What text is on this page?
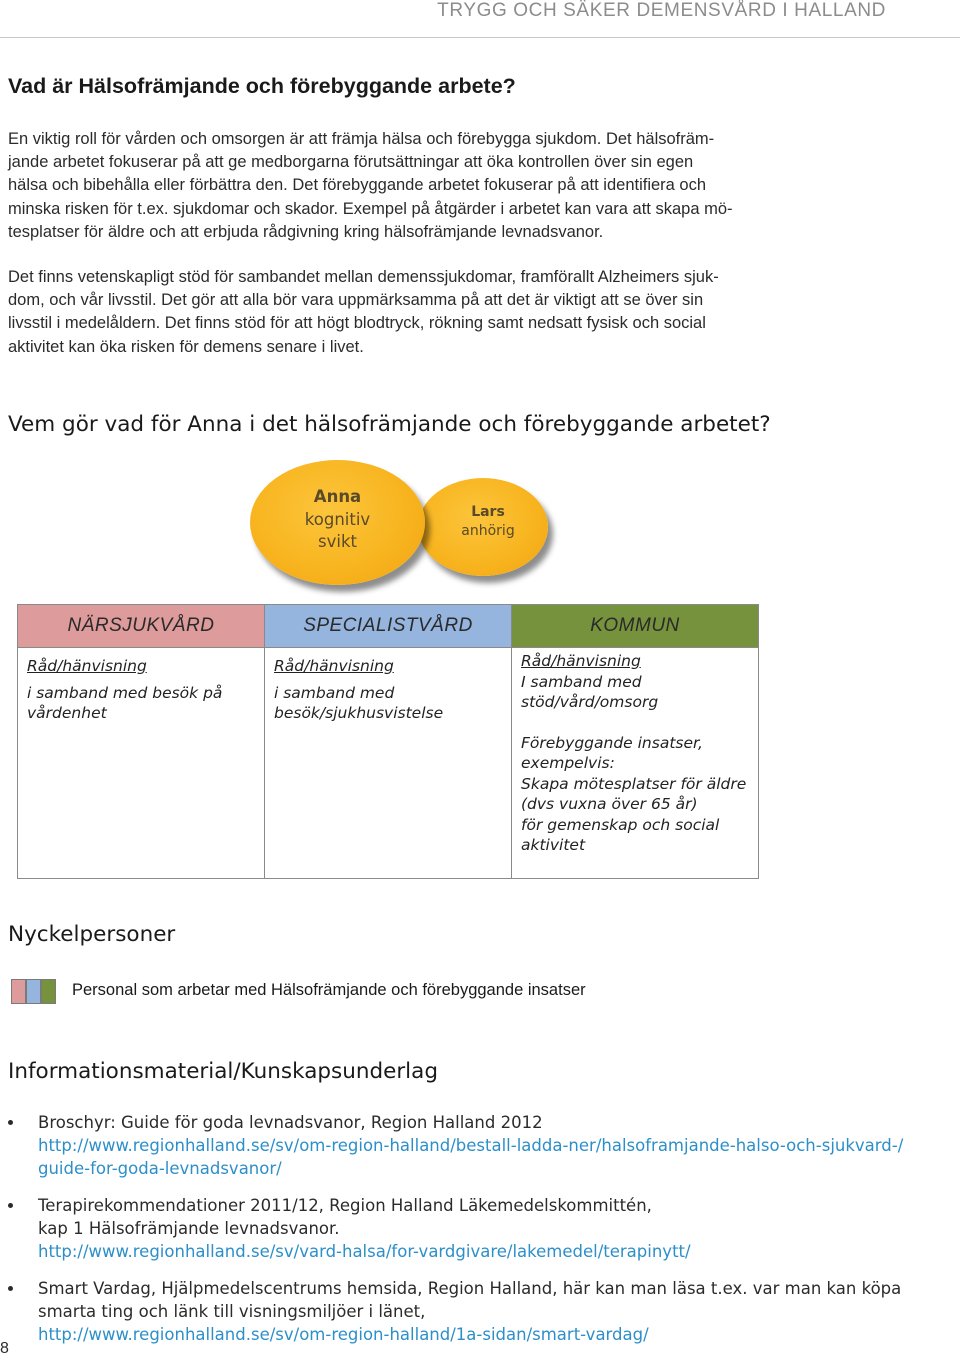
TRYGG OCH SÄKER DEMENSVÅRD I HALLAND
Vad är Hälsofrämjande och förebyggande arbete?

En viktig roll för vården och omsorgen är att främja hälsa och förebygga sjukdom. Det hälsofräm-

jande arbetet fokuserar på att ge medborgarna förutsättningar att öka kontrollen över sin egen

hälsa och bibehålla eller förbättra den. Det förebyggande arbetet fokuserar på att identifiera och

minska risken för t.ex. sjukdomar och skador. Exempel på åtgärder i arbetet kan vara att skapa mö-

tesplatser för äldre och att erbjuda rådgivning kring hälsofrämjande levnadsvanor.

Det finns vetenskapligt stöd för sambandet mellan demenssjukdomar, framförallt Alzheimers sjuk-

dom, och vår livsstil. Det gör att alla bör vara uppmärksamma på att det är viktigt att se över sin

livsstil i medelåldern. Det finns stöd för att högt blodtryck, rökning samt nedsatt fysisk och social

aktivitet kan öka risken för demens senare i livet.

Vem gör vad för Anna i det hälsofrämjande och förebyggande arbetet?
Anna
kognitiv
svikt
Lars
anhörig
NÄRSJUKVÅRD	SPECIALISTVÅRD	KOMMUN
Råd/hänvisning
i samband med besök på
vårdenhet
Råd/hänvisning
i samband med
besök/sjukhusvistelse
Råd/hänvisning
I samband med
stöd/vård/omsorg
Förebyggande insatser,
exempelvis:
Skapa mötesplatser för äldre
(dvs vuxna över 65 år)
för gemenskap och social
aktivitet
Nyckelpersoner
Personal som arbetar med Hälsofrämjande och förebyggande insatser
Informationsmaterial/Kunskapsunderlag
Broschyr: Guide för goda levnadsvanor, Region Halland 2012
http://www.regionhalland.se/sv/om-region-halland/bestall-ladda-ner/halsoframjande-halso-och-sjukvard-/
guide-for-goda-levnadsvanor/
Terapirekommendationer 2011/12, Region Halland Läkemedelskommittén,
kap 1 Hälsofrämjande levnadsvanor.
http://www.regionhalland.se/sv/vard-halsa/for-vardgivare/lakemedel/terapinytt/
Smart Vardag, Hjälpmedelscentrums hemsida, Region Halland, här kan man läsa t.ex. var man kan köpa
smarta ting och länk till visningsmiljöer i länet,
http://www.regionhalland.se/sv/om-region-halland/1a-sidan/smart-vardag/
8
